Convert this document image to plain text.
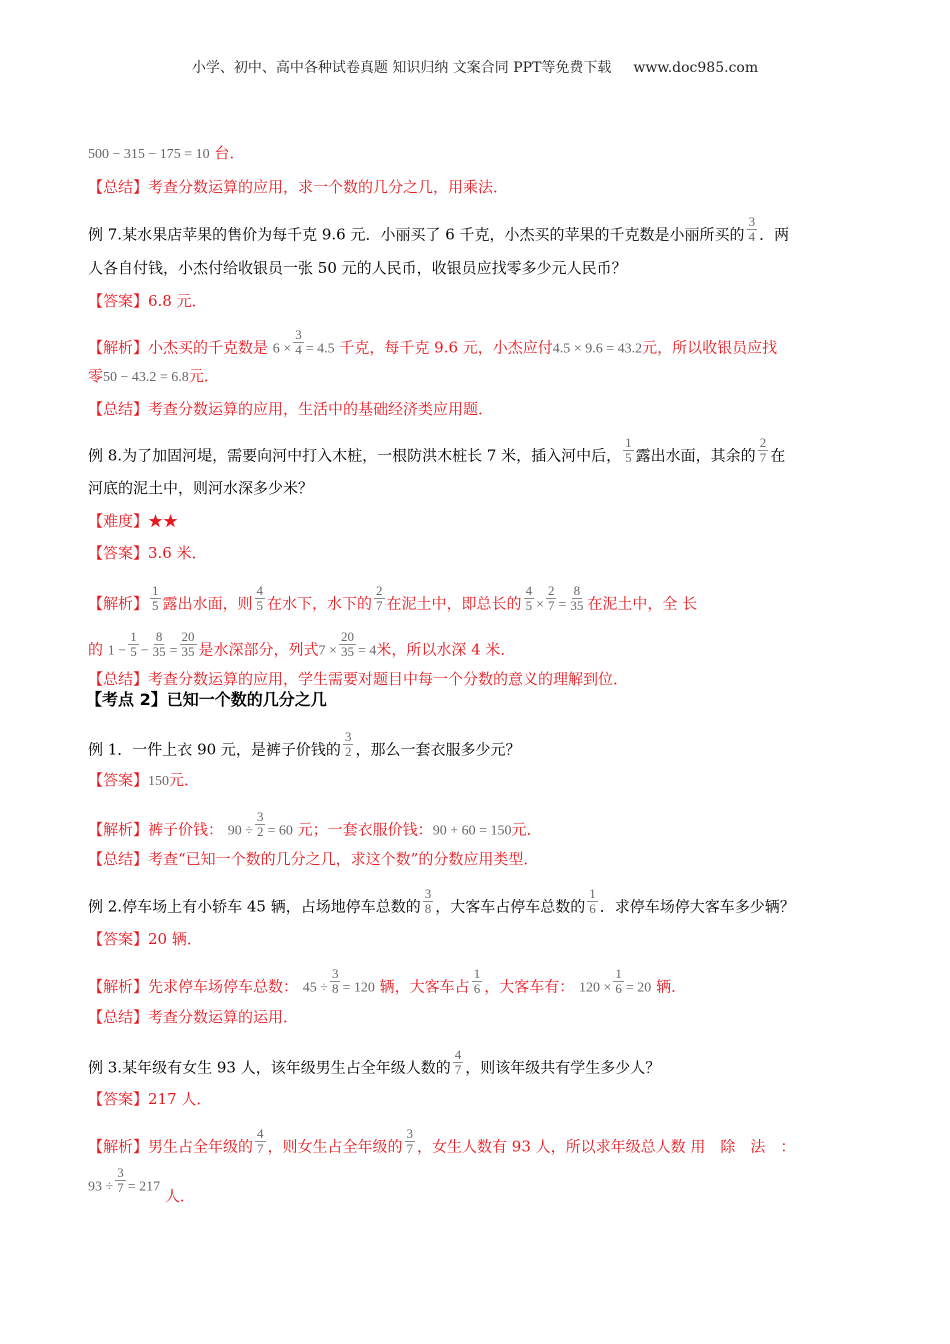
小学、初中、高中各种试卷真题 知识归纳 文案合同 PPT等免费下载 www.doc985.com
500 − 315 − 175 = 10 台．
【总结】考查分数运算的应用，求一个数的几分之几，用乘法．
例 7.某水果店苹果的售价为每千克 9.6 元．小丽买了 6 千克，小杰买的苹果的千克数是小丽所买的 $\frac{3}{4}$ ．两
人各自付钱，小杰付给收银员一张 50 元的人民币，收银员应找零多少元人民币？
【答案】6.8 元．
【解析】小杰买的千克数是 $6 \times \frac{3}{4} = 4.5$ 千克，每千克 9.6 元，小杰应付4.5 × 9.6 = 43.2元，所以收银员应找
零50 − 43.2 = 6.8元．
【总结】考查分数运算的应用，生活中的基础经济类应用题．
例 8.为了加固河堤，需要向河中打入木桩，一根防洪木桩长 7 米，插入河中后， $\frac{1}{5}$ 露出水面，其余的 $\frac{2}{7}$ 在
河底的泥土中，则河水深多少米？
【难度】★★
【答案】3.6 米．
【解析】 $\frac{1}{5}$ 露出水面，则 $\frac{4}{5}$ 在水下，水下的 $\frac{2}{7}$ 在泥土中，即总长的 $\frac{4}{5} \times \frac{2}{7} = \frac{8}{35}$ 在泥土中，全 长
的 $1 - \frac{1}{5} - \frac{8}{35} = \frac{20}{35}$ 是水深部分，列式$7 \times \frac{20}{35} = 4$米，所以水深 4 米．
【总结】考查分数运算的应用，学生需要对题目中每一个分数的意义的理解到位．
【考点 2】已知一个数的几分之几
例 1．一件上衣 90 元，是裤子价钱的 $\frac{3}{2}$ ，那么一套衣服多少元？
【答案】150元．
【解析】裤子价钱： $90 \div \frac{3}{2} = 60$ 元；一套衣服价钱：90 + 60 = 150元．
【总结】考查“已知一个数的几分之几，求这个数”的分数应用类型．
例 2.停车场上有小轿车 45 辆，占场地停车总数的 $\frac{3}{8}$ ，大客车占停车总数的 $\frac{1}{6}$ ．求停车场停大客车多少辆？
【答案】20 辆．
【解析】先求停车场停车总数： $45 \div \frac{3}{8} = 120$ 辆，大客车占 $\frac{1}{6}$ ，大客车有： $120 \times \frac{1}{6} = 20$ 辆．
【总结】考查分数运算的运用．
例 3.某年级有女生 93 人，该年级男生占全年级人数的 $\frac{4}{7}$ ，则该年级共有学生多少人？
【答案】217 人．
【解析】男生占全年级的 $\frac{4}{7}$ ，则女生占全年级的 $\frac{3}{7}$ ，女生人数有 93 人，所以求年级总人数 用　除　法　：
$93 \div \frac{3}{7} = 217$ 人．
